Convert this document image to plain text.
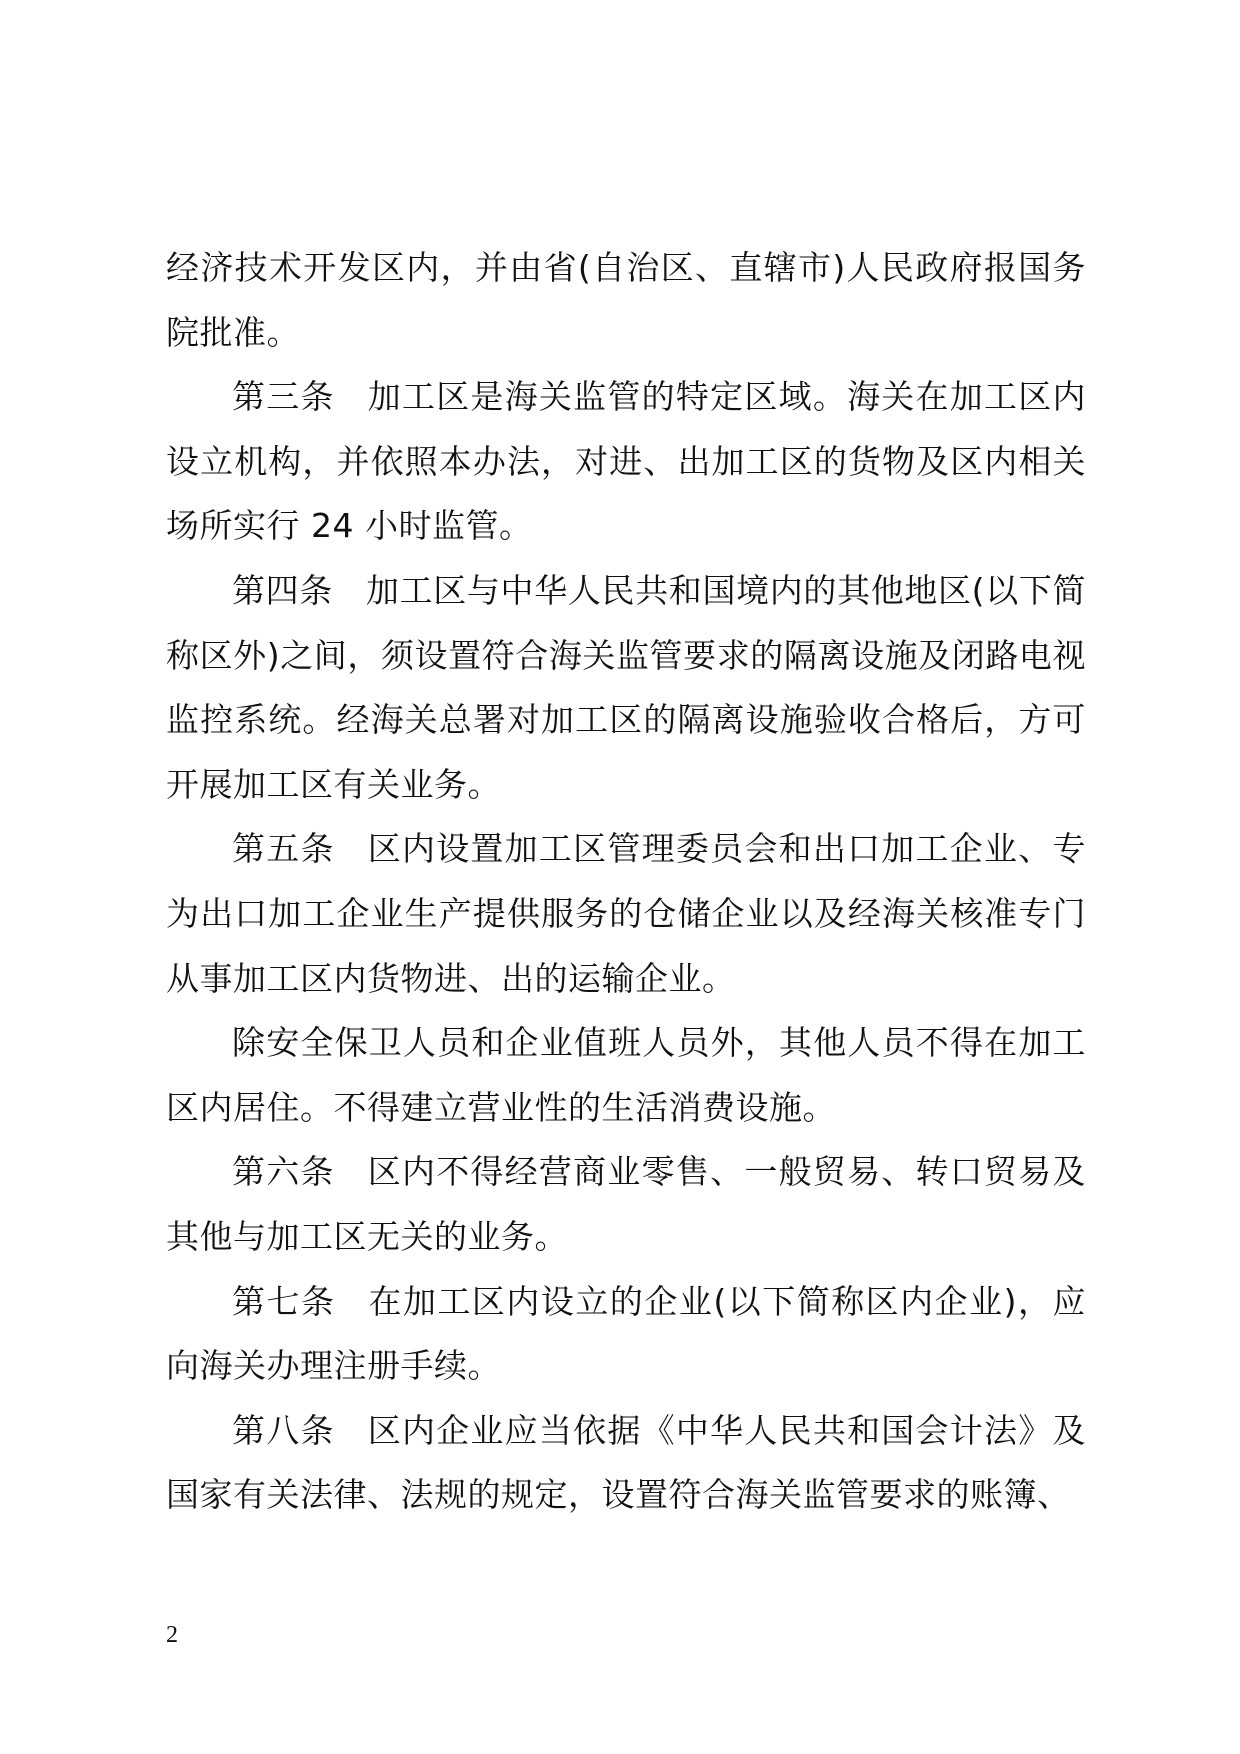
经济技术开发区内，并由省(自治区、直辖市)人民政府报国务院批准。

第三条 加工区是海关监管的特定区域。海关在加工区内设立机构，并依照本办法，对进、出加工区的货物及区内相关场所实行 24 小时监管。

第四条 加工区与中华人民共和国境内的其他地区(以下简称区外)之间，须设置符合海关监管要求的隔离设施及闭路电视监控系统。经海关总署对加工区的隔离设施验收合格后，方可开展加工区有关业务。

第五条 区内设置加工区管理委员会和出口加工企业、专为出口加工企业生产提供服务的仓储企业以及经海关核准专门从事加工区内货物进、出的运输企业。

除安全保卫人员和企业值班人员外，其他人员不得在加工区内居住。不得建立营业性的生活消费设施。

第六条 区内不得经营商业零售、一般贸易、转口贸易及其他与加工区无关的业务。

第七条 在加工区内设立的企业(以下简称区内企业)，应向海关办理注册手续。

第八条 区内企业应当依据《中华人民共和国会计法》及国家有关法律、法规的规定，设置符合海关监管要求的账簿、

2
